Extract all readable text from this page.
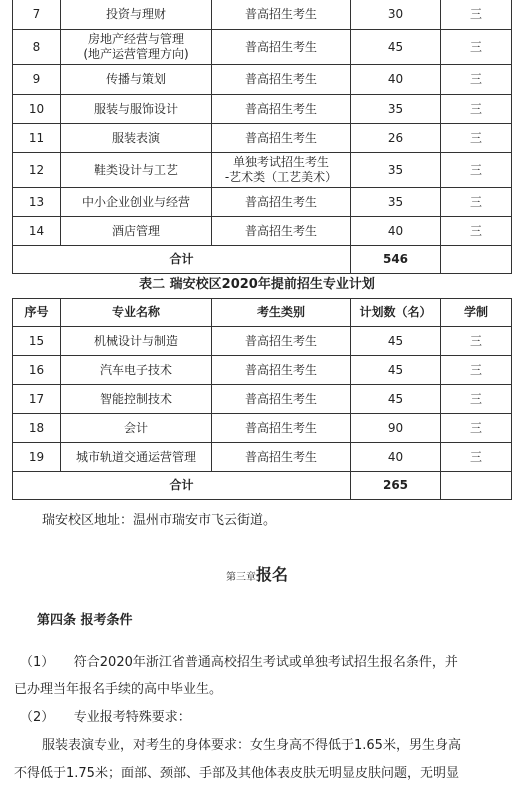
7	投资与理财	普高招生考生	30	三
8	房地产经营与管理
(地产运营管理方向)	普高招生考生	45	三
9	传播与策划	普高招生考生	40	三
10	服装与服饰设计	普高招生考生	35	三
11	服装表演	普高招生考生	26	三
12	鞋类设计与工艺	单独考试招生考生
-艺术类（工艺美术）	35	三
13	中小企业创业与经营	普高招生考生	35	三
14	酒店管理	普高招生考生	40	三
合计			546	
表二 瑞安校区2020年提前招生专业计划
序号	专业名称	考生类别	计划数（名）	学制
15	机械设计与制造	普高招生考生	45	三
16	汽车电子技术	普高招生考生	45	三
17	智能控制技术	普高招生考生	45	三
18	会计	普高招生考生	90	三
19	城市轨道交通运营管理	普高招生考生	40	三
合计			265	
瑞安校区地址：温州市瑞安市飞云街道。
第三章报名
第四条 报考条件
（1）　　符合2020年浙江省普通高校招生考试或单独考试招生报名条件，并
已办理当年报名手续的高中毕业生。
（2）　　专业报考特殊要求：
服装表演专业，对考生的身体要求：女生身高不得低于1.65米，男生身高
不得低于1.75米；面部、颈部、手部及其他体表皮肤无明显皮肤问题，无明显
